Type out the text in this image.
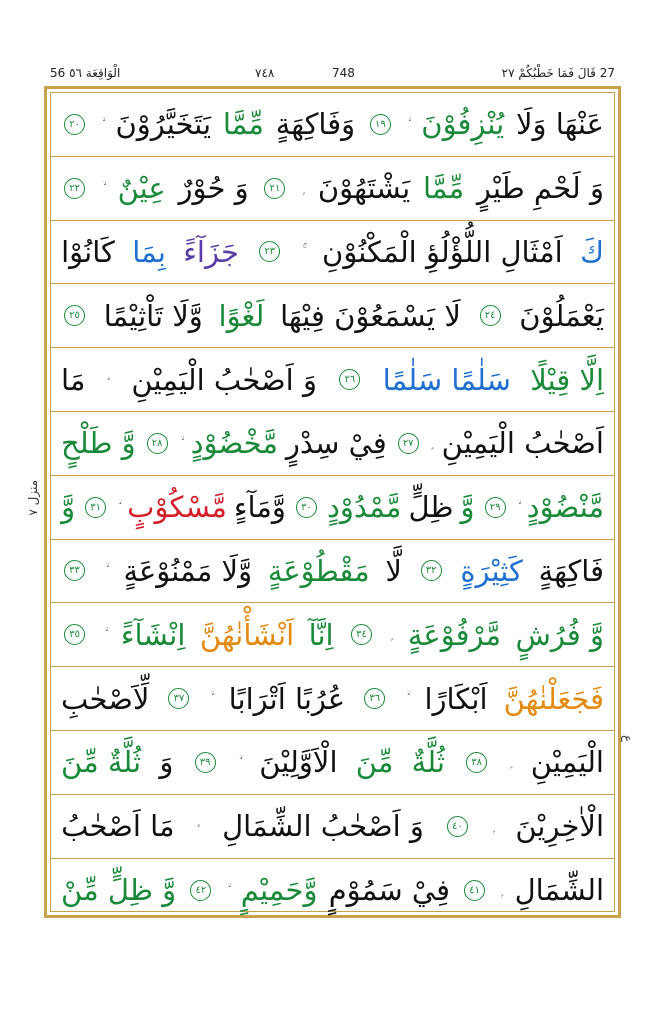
56 الْوَاقِعَة ٥٦	٧٤٨	748	27 قَالَ فَمَا خَطْبُكُمْ ٢٧
منزل ٧
ع
عَنْهَا وَلَا
يُنْزِفُوْنَ
١٩
وَفَاكِهَةٍ
مِّمَّا
يَتَخَيَّرُوْنَ
٢٠
وَ لَحْمِ طَيْرٍ
مِّمَّا
يَشْتَهُوْنَ
٢١
وَ حُوْرٌ
عِيْنٌ
٢٢
كَ
اَمْثَالِ اللُّؤْلُؤِ الْمَكْنُوْنِ
٢٣
جَزَآءً
بِمَا
كَانُوْا
يَعْمَلُوْنَ
٢٤
لَا يَسْمَعُوْنَ فِيْهَا
لَغْوًا
وَّلَا تَاْثِيْمًا
٢٥
اِلَّا قِيْلًا
سَلٰمًا سَلٰمًا
٢٦
وَ اَصْحٰبُ الْيَمِيْنِ
ۥ
مَا
اَصْحٰبُ الْيَمِيْنِ
٢٧
فِيْ سِدْرٍ
مَّخْضُوْدٍ
٢٨
وَّ طَلْحٍ
مَّنْضُوْدٍ
٢٩
وَّ
ظِلٍّ
مَّمْدُوْدٍ
٣٠
وَّمَآءٍ
مَّسْكُوْبٍ
٣١
وَّ
فَاكِهَةٍ
كَثِيْرَةٍ
٣٢
لَّا
مَقْطُوْعَةٍ
وَّلَا مَمْنُوْعَةٍ
٣٣
وَّ فُرُشٍ
مَّرْفُوْعَةٍ
٣٤
اِنَّآ
اَنْشَأْنٰهُنَّ
اِنْشَآءً
٣٥
فَجَعَلْنٰهُنَّ
اَبْكَارًا
٣٦
عُرُبًا اَتْرَابًا
٣٧
لِّاَصْحٰبِ
الْيَمِيْنِ
٣٨
ثُلَّةٌ
مِّنَ
الْاَوَّلِيْنَ
٣٩
وَ
ثُلَّةٌ مِّنَ
الْاٰخِرِيْنَ
٤٠
وَ اَصْحٰبُ الشِّمَالِ
ۥ
مَا اَصْحٰبُ
الشِّمَالِ
٤١
فِيْ سَمُوْمٍ
وَّحَمِيْمٍ
٤٢
وَّ ظِلٍّ مِّنْ
